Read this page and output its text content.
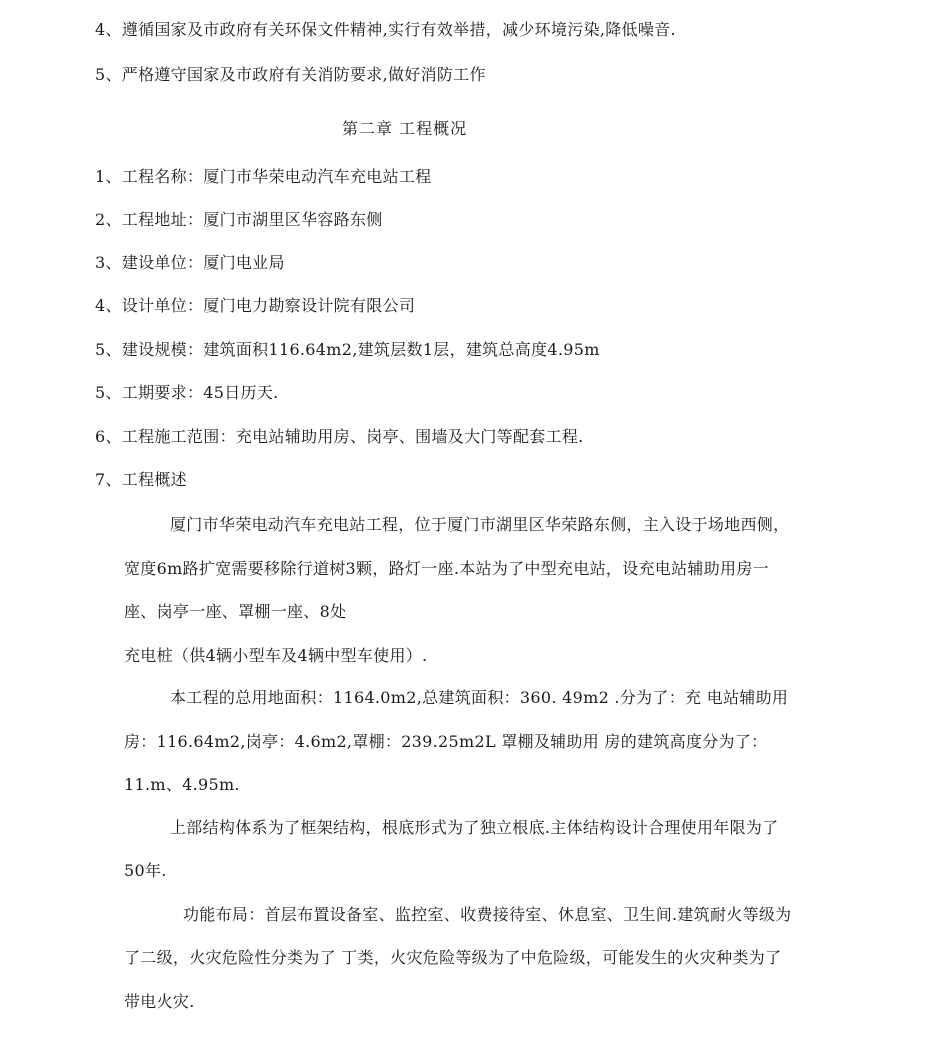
4、遵循国家及市政府有关环保文件精神,实行有效举措，减少环境污染,降低噪音.
5、严格遵守国家及市政府有关消防要求,做好消防工作
第二章 工程概况
1、工程名称：厦门市华荣电动汽车充电站工程
2、工程地址：厦门市湖里区华容路东侧
3、建设单位：厦门电业局
4、设计单位：厦门电力勘察设计院有限公司
5、建设规模：建筑面积116.64m2,建筑层数1层，建筑总高度4.95m
5、工期要求：45日历天.
6、工程施工范围：充电站辅助用房、岗亭、围墙及大门等配套工程.
7、工程概述
厦门市华荣电动汽车充电站工程，位于厦门市湖里区华荣路东侧，主入设于场地西侧，
宽度6m路扩宽需要移除行道树3颗，路灯一座.本站为了中型充电站，设充电站辅助用房一
座、岗亭一座、罩棚一座、8处
充电桩（供4辆小型车及4辆中型车使用）.
本工程的总用地面积：1164.0m2,总建筑面积：360. 49m2 .分为了：充 电站辅助用
房：116.64m2,岗亭：4.6m2,罩棚：239.25m2L 罩棚及辅助用 房的建筑高度分为了：
11.m、4.95m.
上部结构体系为了框架结构，根底形式为了独立根底.主体结构设计合理使用年限为了
50年.
功能布局：首层布置设备室、监控室、收费接待室、休息室、卫生间.建筑耐火等级为
了二级，火灾危险性分类为了 丁类，火灾危险等级为了中危险级，可能发生的火灾种类为了
带电火灾.
